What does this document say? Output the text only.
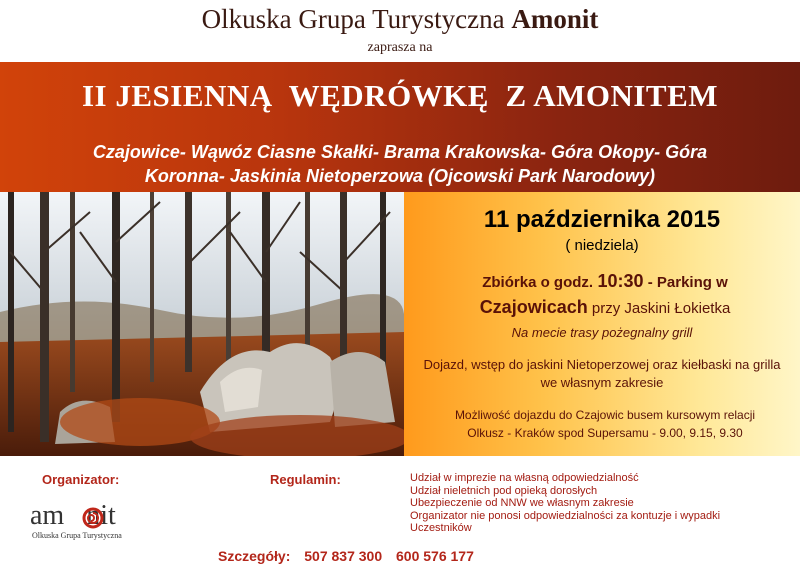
Olkuska Grupa Turystyczna Amonit
zaprasza na
II JESIENNĄ  WĘDRÓWKĘ  Z AMONITEM
Czajowice- Wąwóz Ciasne Skałki- Brama Krakowska- Góra Okopy- Góra
Koronna- Jaskinia Nietoperzowa (Ojcowski Park Narodowy)
11 października 2015
( niedziela)
Zbiórka o godz. 10:30 - Parking w
Czajowicach przy Jaskini Łokietka
Na mecie trasy pożegnalny grill
Dojazd, wstęp do jaskini Nietoperzowej oraz kiełbaski na grilla
we własnym zakresie
Możliwość dojazdu do Czajowic busem kursowym relacji
Olkusz - Kraków spod Supersamu - 9.00, 9.15, 9.30
Organizator:	Regulamin:	Udział w imprezie na własną odpowiedzialność
Udział nieletnich pod opieką dorosłych
Ubezpieczenie od NNW we własnym zakresie
Organizator nie ponosi odpowiedzialności za kontuzje i wypadki
Uczestników
am nit
Olkuska Grupa Turystyczna
Szczegóły: 507 837 300 600 576 177
